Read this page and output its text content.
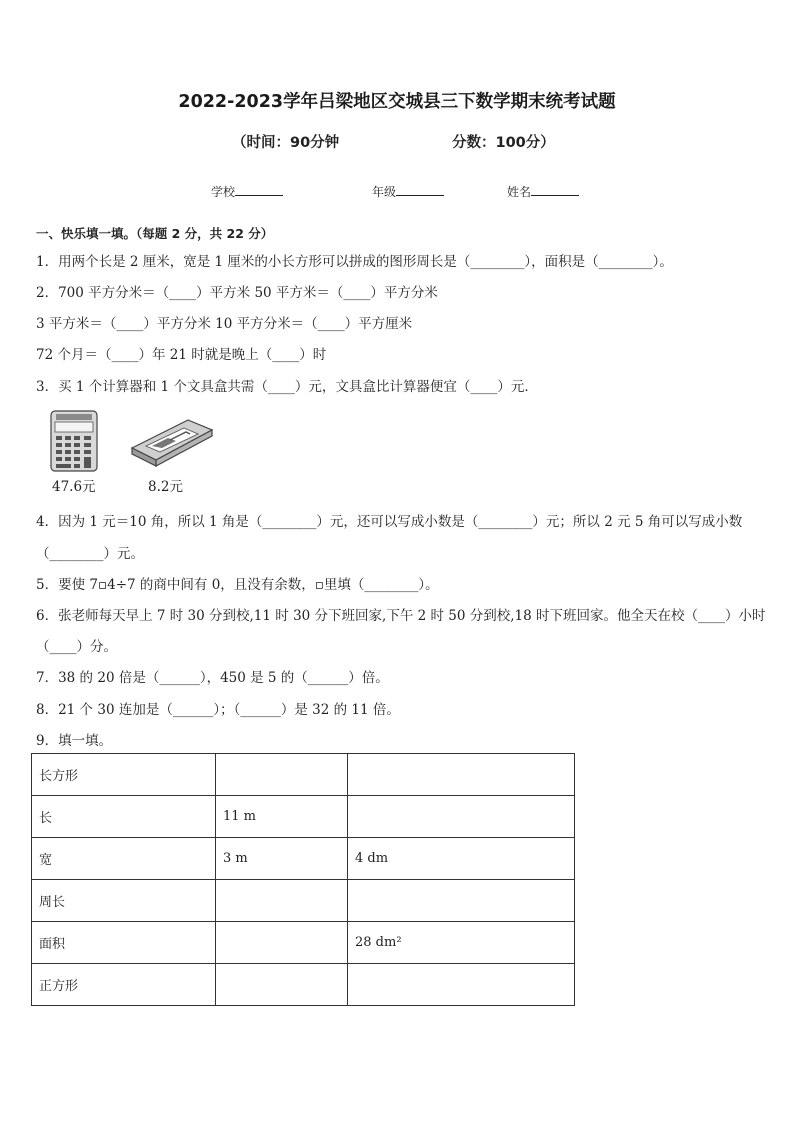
2022-2023学年吕梁地区交城县三下数学期末统考试题
（时间：90分钟	分数：100分）
学校	年级	姓名
一、快乐填一填。（每题 2 分，共 22 分）
1．用两个长是 2 厘米，宽是 1 厘米的小长方形可以拼成的图形周长是（________），面积是（________）。
2．700 平方分米＝（____）平方米 50 平方米＝（____）平方分米
3 平方米＝（____）平方分米 10 平方分米＝（____）平方厘米
72 个月＝（____）年 21 时就是晚上（____）时
3．买 1 个计算器和 1 个文具盒共需（____）元，文具盒比计算器便宜（____）元．
47.6元	8.2元
4．因为 1 元＝10 角，所以 1 角是（________）元，还可以写成小数是（________）元；所以 2 元 5 角可以写成小数
（________）元。
5．要使 7▫4÷7 的商中间有 0，且没有余数，▫里填（________）。
6．张老师每天早上 7 时 30 分到校,11 时 30 分下班回家,下午 2 时 50 分到校,18 时下班回家。他全天在校（____）小时
（____）分。
7．38 的 20 倍是（______），450 是 5 的（______）倍。
8．21 个 30 连加是（______）；（______）是 32 的 11 倍。
9．填一填。
长方形		
长	11 m	
宽	3 m	4 dm
周长		
面积		28 dm²
正方形		
